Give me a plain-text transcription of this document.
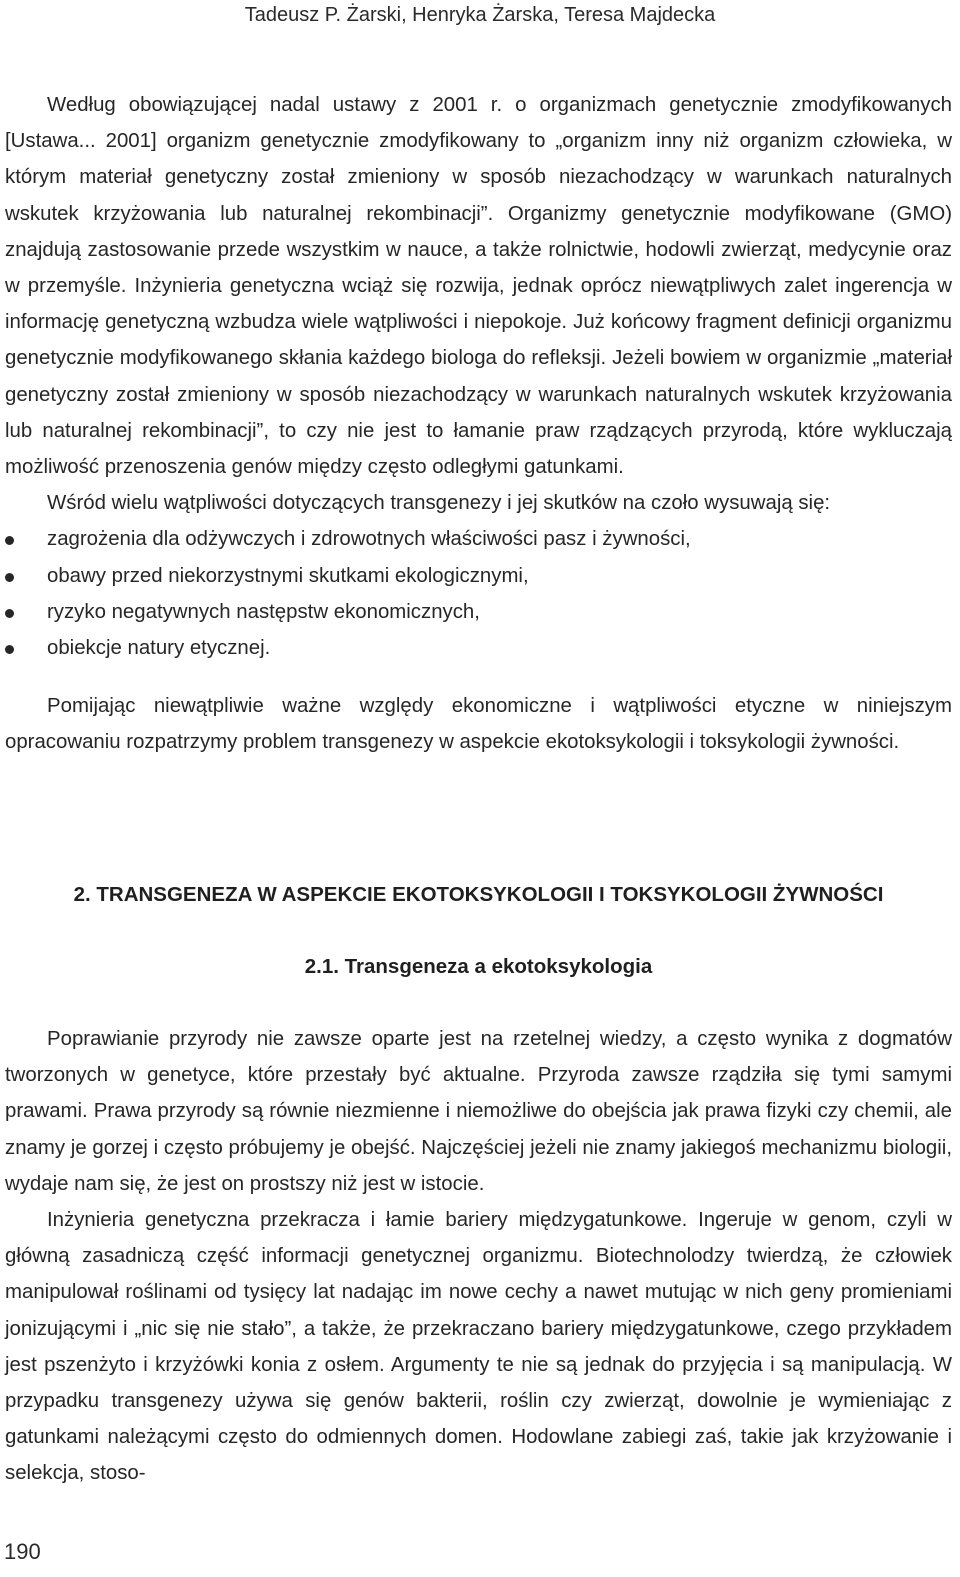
Tadeusz P. Żarski, Henryka Żarska, Teresa Majdecka

Według obowiązującej nadal ustawy z 2001 r. o organizmach genetycznie zmodyfikowanych [Ustawa... 2001] organizm genetycznie zmodyfikowany to „organizm inny niż organizm człowieka, w którym materiał genetyczny został zmieniony w sposób niezachodzący w warunkach naturalnych wskutek krzyżowania lub naturalnej rekombinacji”. Organizmy genetycznie modyfikowane (GMO) znajdują zastosowanie przede wszystkim w nauce, a także rolnictwie, hodowli zwierząt, medycynie oraz w przemyśle. Inżynieria genetyczna wciąż się rozwija, jednak oprócz niewątpliwych zalet ingerencja w informację genetyczną wzbudza wiele wątpliwości i niepokoje. Już końcowy fragment definicji organizmu genetycznie modyfikowanego skłania każdego biologa do refleksji. Jeżeli bowiem w organizmie „materiał genetyczny został zmieniony w sposób niezachodzący w warunkach naturalnych wskutek krzyżowania lub naturalnej rekombinacji”, to czy nie jest to łamanie praw rządzących przyrodą, które wykluczają możliwość przenoszenia genów między często odległymi gatunkami.

Wśród wielu wątpliwości dotyczących transgenezy i jej skutków na czoło wysuwają się:

zagrożenia dla odżywczych i zdrowotnych właściwości pasz i żywności,
obawy przed niekorzystnymi skutkami ekologicznymi,
ryzyko negatywnych następstw ekonomicznych,
obiekcje natury etycznej.

Pomijając niewątpliwie ważne względy ekonomiczne i wątpliwości etyczne w niniejszym opracowaniu rozpatrzymy problem transgenezy w aspekcie ekotoksykologii i toksykologii żywności.

2. TRANSGENEZA W ASPEKCIE EKOTOKSYKOLOGII I TOKSYKOLOGII ŻYWNOŚCI
2.1. Transgeneza a ekotoksykologia

Poprawianie przyrody nie zawsze oparte jest na rzetelnej wiedzy, a często wynika z dogmatów tworzonych w genetyce, które przestały być aktualne. Przyroda zawsze rządziła się tymi samymi prawami. Prawa przyrody są równie niezmienne i niemożliwe do obejścia jak prawa fizyki czy chemii, ale znamy je gorzej i często próbujemy je obejść. Najczęściej jeżeli nie znamy jakiegoś mechanizmu biologii, wydaje nam się, że jest on prostszy niż jest w istocie.

Inżynieria genetyczna przekracza i łamie bariery międzygatunkowe. Ingeruje w genom, czyli w główną zasadniczą część informacji genetycznej organizmu. Biotechnolodzy twierdzą, że człowiek manipulował roślinami od tysięcy lat nadając im nowe cechy a nawet mutując w nich geny promieniami jonizującymi i „nic się nie stało”, a także, że przekraczano bariery międzygatunkowe, czego przykładem jest pszenżyto i krzyżówki konia z osłem. Argumenty te nie są jednak do przyjęcia i są manipulacją. W przypadku transgenezy używa się genów bakterii, roślin czy zwierząt, dowolnie je wymieniając z gatunkami należącymi często do odmiennych domen. Hodowlane zabiegi zaś, takie jak krzyżowanie i selekcja, stoso-

190
